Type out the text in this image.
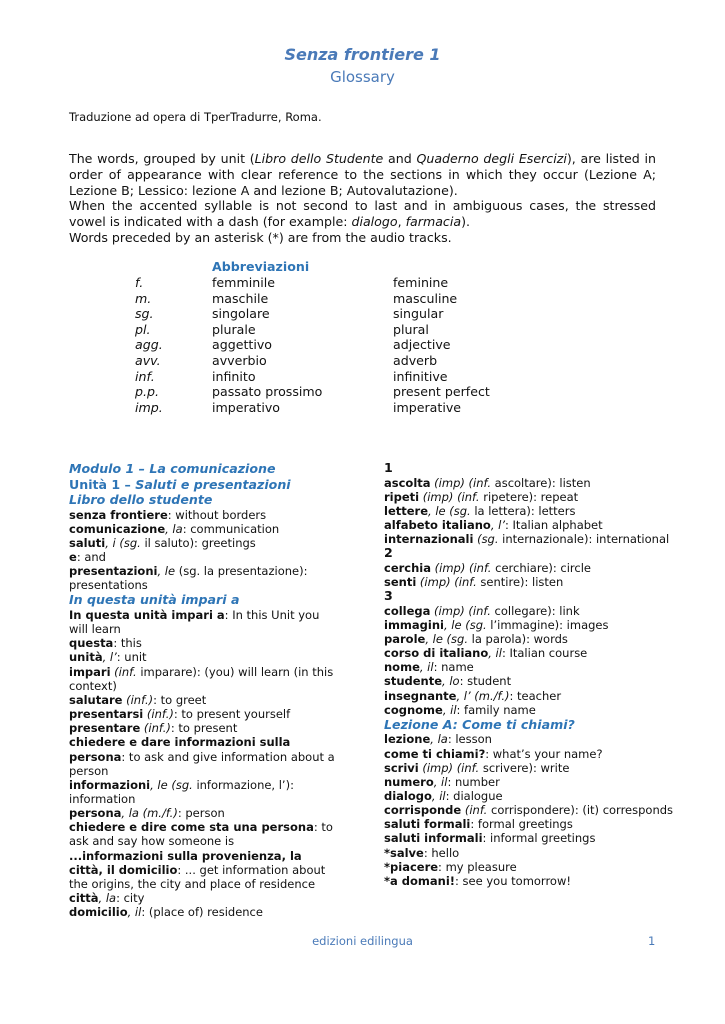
Senza frontiere 1
Glossary
Traduzione ad opera di TperTradurre, Roma.

The words, grouped by unit (Libro dello Studente and Quaderno degli Esercizi), are listed in order of appearance with clear reference to the sections in which they occur (Lezione A; Lezione B; Lessico: lezione A and lezione B; Autovalutazione).

When the accented syllable is not second to last and in ambiguous cases, the stressed vowel is indicated with a dash (for example: dialogo, farmacia).

Words preceded by an asterisk (*) are from the audio tracks.

Abbreviazioni
f.	femminile	feminine
m.	maschile	masculine
sg.	singolare	singular
pl.	plurale	plural
agg.	aggettivo	adjective
avv.	avverbio	adverb
inf.	infinito	infinitive
p.p.	passato prossimo	present perfect
imp.	imperativo	imperative
Modulo 1 – La comunicazione
Unità 1 – Saluti e presentazioni
Libro dello studente
senza frontiere: without borders
comunicazione, la: communication
saluti, i (sg. il saluto): greetings
e: and
presentazioni, le (sg. la presentazione): presentations
In questa unità impari a
In questa unità impari a: In this Unit you will learn
questa: this
unità, l’: unit
impari (inf. imparare): (you) will learn (in this context)
salutare (inf.): to greet
presentarsi (inf.): to present yourself
presentare (inf.): to present
chiedere e dare informazioni sulla persona: to ask and give information about a person
informazioni, le (sg. informazione, l’): information
persona, la (m./f.): person
chiedere e dire come sta una persona: to ask and say how someone is
...informazioni sulla provenienza, la città, il domicilio: ... get information about the origins, the city and place of residence
città, la: city
domicilio, il: (place of) residence
1
ascolta (imp) (inf. ascoltare): listen
ripeti (imp) (inf. ripetere): repeat
lettere, le (sg. la lettera): letters
alfabeto italiano, l’: Italian alphabet
internazionali (sg. internazionale): international
2
cerchia (imp) (inf. cerchiare): circle
senti (imp) (inf. sentire): listen
3
collega (imp) (inf. collegare): link
immagini, le (sg. l’immagine): images
parole, le (sg. la parola): words
corso di italiano, il: Italian course
nome, il: name
studente, lo: student
insegnante, l’ (m./f.): teacher
cognome, il: family name
Lezione A: Come ti chiami?
lezione, la: lesson
come ti chiami?: what’s your name?
scrivi (imp) (inf. scrivere): write
numero, il: number
dialogo, il: dialogue
corrisponde (inf. corrispondere): (it) corresponds
saluti formali: formal greetings
saluti informali: informal greetings
*salve: hello
*piacere: my pleasure
*a domani!: see you tomorrow!
edizioni edilingua	1
